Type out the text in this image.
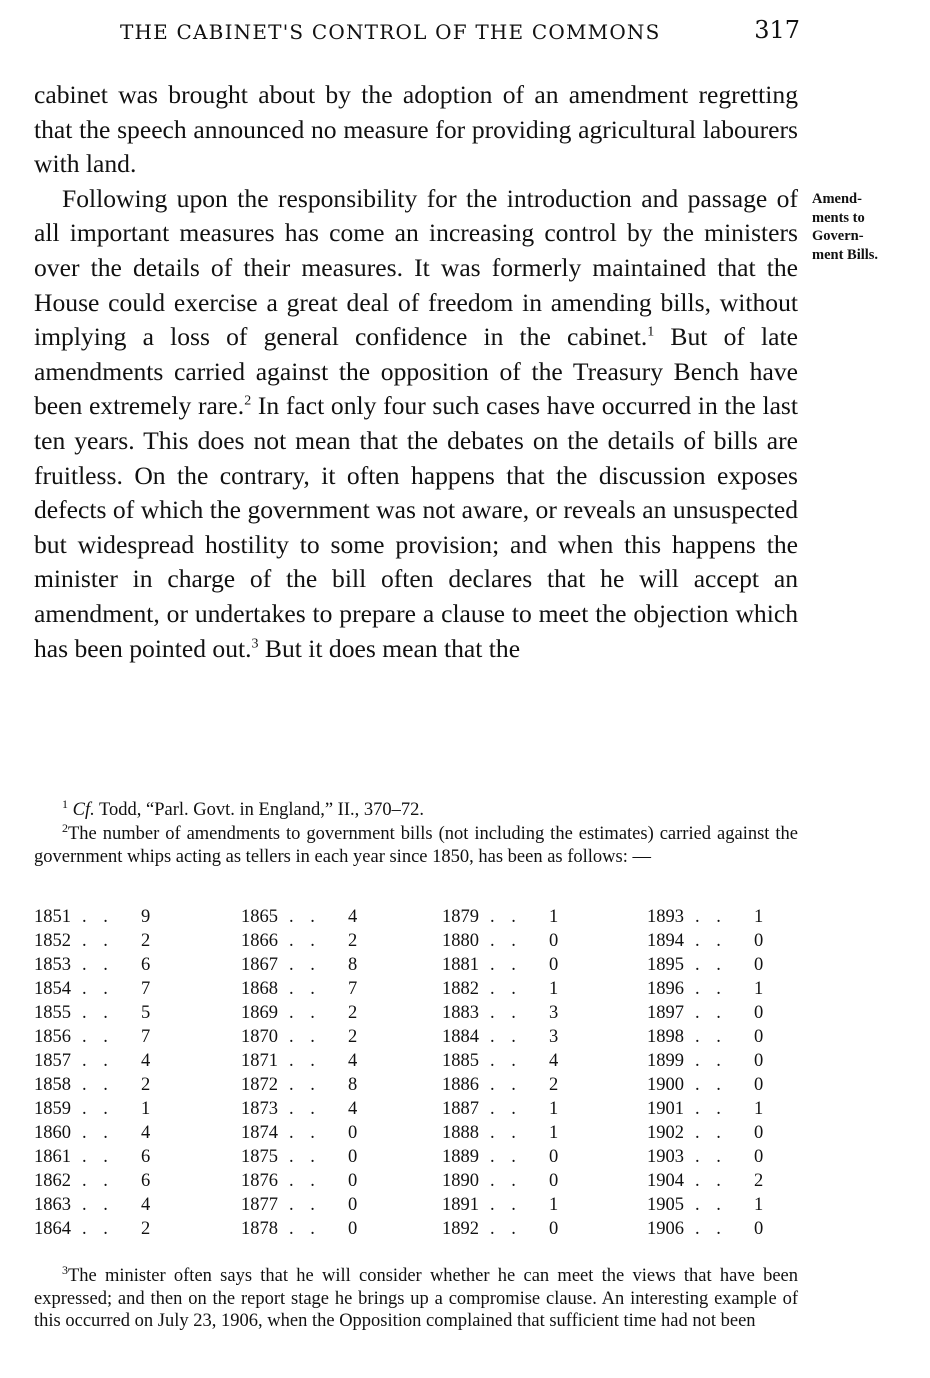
THE CABINET'S CONTROL OF THE COMMONS	317

cabinet was brought about by the adoption of an amendment regretting that the speech announced no measure for providing agricultural labourers with land.

Following upon the responsibility for the introduction and passage of all important measures has come an increasing control by the ministers over the details of their measures. It was formerly maintained that the House could exercise a great deal of freedom in amending bills, without implying a loss of general confidence in the cabinet.$^1$ But of late amendments carried against the opposition of the Treasury Bench have been extremely rare.$^2$ In fact only four such cases have occurred in the last ten years. This does not mean that the debates on the details of bills are fruitless. On the contrary, it often happens that the discussion exposes defects of which the government was not aware, or reveals an unsuspected but widespread hostility to some provision; and when this happens the minister in charge of the bill often declares that he will accept an amendment, or undertakes to prepare a clause to meet the objection which has been pointed out.$^3$ But it does mean that the

Amend-
ments to
Govern-
ment Bills.

$^1$ Cf. Todd, “Parl. Govt. in England,” II., 370–72.

$^2$The number of amendments to government bills (not including the estimates) carried against the government whips acting as tellers in each year since 1850, has been as follows: —

1851 . . 9
1852 . . 2
1853 . . 6
1854 . . 7
1855 . . 5
1856 . . 7
1857 . . 4
1858 . . 2
1859 . . 1
1860 . . 4
1861 . . 6
1862 . . 6
1863 . . 4
1864 . . 2
1865 . . 4
1866 . . 2
1867 . . 8
1868 . . 7
1869 . . 2
1870 . . 2
1871 . . 4
1872 . . 8
1873 . . 4
1874 . . 0
1875 . . 0
1876 . . 0
1877 . . 0
1878 . . 0
1879 . . 1
1880 . . 0
1881 . . 0
1882 . . 1
1883 . . 3
1884 . . 3
1885 . . 4
1886 . . 2
1887 . . 1
1888 . . 1
1889 . . 0
1890 . . 0
1891 . . 1
1892 . . 0
1893 . . 1
1894 . . 0
1895 . . 0
1896 . . 1
1897 . . 0
1898 . . 0
1899 . . 0
1900 . . 0
1901 . . 1
1902 . . 0
1903 . . 0
1904 . . 2
1905 . . 1
1906 . . 0

$^3$The minister often says that he will consider whether he can meet the views that have been expressed; and then on the report stage he brings up a compromise clause. An interesting example of this occurred on July 23, 1906, when the Opposition complained that sufficient time had not been
